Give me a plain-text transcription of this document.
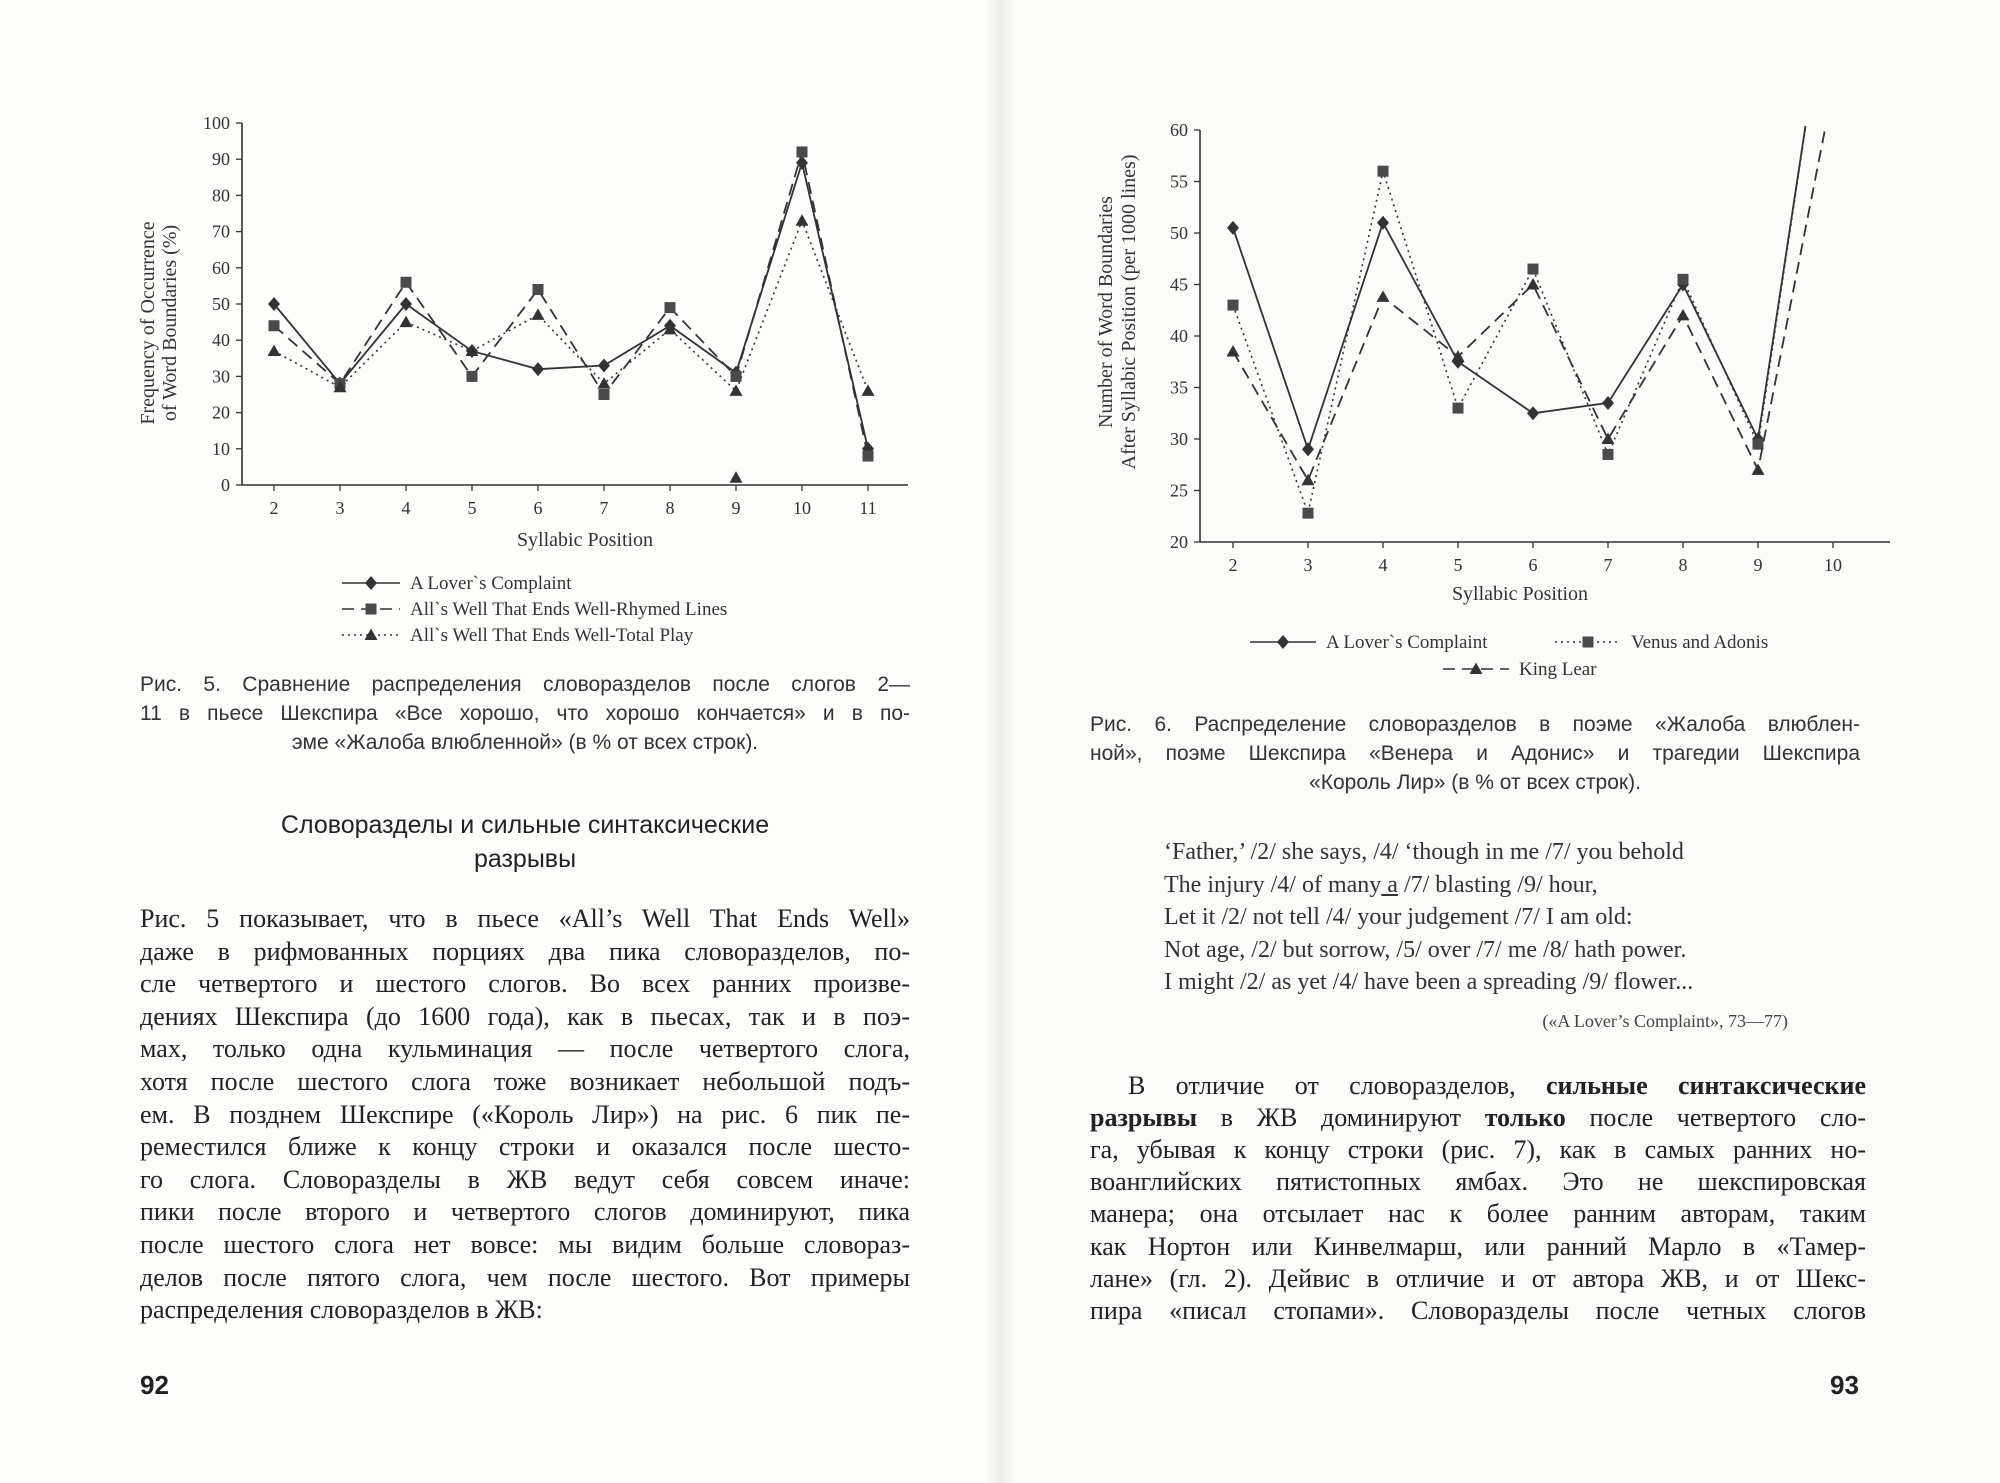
0
10
20
30
40
50
60
70
80
90
100
2	3	4	5	6	7	8	9	10	11
Syllabic Position
Frequency of Occurrence of Word Boundaries (%)
A Lover`s Complaint
All`s Well That Ends Well-Rhymed Lines
All`s Well That Ends Well-Total Play
Рис. 5. Сравнение распределения словоразделов после слогов 2—
11 в пьесе Шекспира «Все хорошо, что хорошо кончается» и в по-
эме «Жалоба влюбленной» (в % от всех строк).
Словоразделы и сильные синтаксические
разрывы
Рис. 5 показывает, что в пьесе «All’s Well That Ends Well»
даже в рифмованных порциях два пика словоразделов, по-
сле четвертого и шестого слогов. Во всех ранних произве-
дениях Шекспира (до 1600 года), как в пьесах, так и в поэ-
мах, только одна кульминация — после четвертого слога,
хотя после шестого слога тоже возникает небольшой подъ-
ем. В позднем Шекспире («Король Лир») на рис. 6 пик пе-
реместился ближе к концу строки и оказался после шесто-
го слога. Словоразделы в ЖВ ведут себя совсем иначе:
пики после второго и четвертого слогов доминируют, пика
после шестого слога нет вовсе: мы видим больше словораз-
делов после пятого слога, чем после шестого. Вот примеры
распределения словоразделов в ЖВ:
92
20
25
30
35
40
45
50
55
60
2	3	4	5	6	7	8	9	10
Syllabic Position
Number of Word Boundaries After Syllabic Position (per 1000 lines)
A Lover`s Complaint	Venus and Adonis
King Lear
Рис. 6. Распределение словоразделов в поэме «Жалоба влюблен-
ной», поэме Шекспира «Венера и Адонис» и трагедии Шекспира
«Король Лир» (в % от всех строк).
‘Father,’ /2/ she says, /4/ ‘though in me /7/ you behold
The injury /4/ of many a /7/ blasting /9/ hour,
Let it /2/ not tell /4/ your judgement /7/ I am old:
Not age, /2/ but sorrow, /5/ over /7/ me /8/ hath power.
I might /2/ as yet /4/ have been a spreading /9/ flower...
(«A Lover’s Complaint», 73—77)
В отличие от словоразделов, сильные синтаксические
разрывы в ЖВ доминируют только после четвертого сло-
га, убывая к концу строки (рис. 7), как в самых ранних но-
воанглийских пятистопных ямбах. Это не шекспировская
манера; она отсылает нас к более ранним авторам, таким
как Нортон или Кинвелмарш, или ранний Марло в «Тамер-
лане» (гл. 2). Дейвис в отличие и от автора ЖВ, и от Шекс-
пира «писал стопами». Словоразделы после четных слогов
93
